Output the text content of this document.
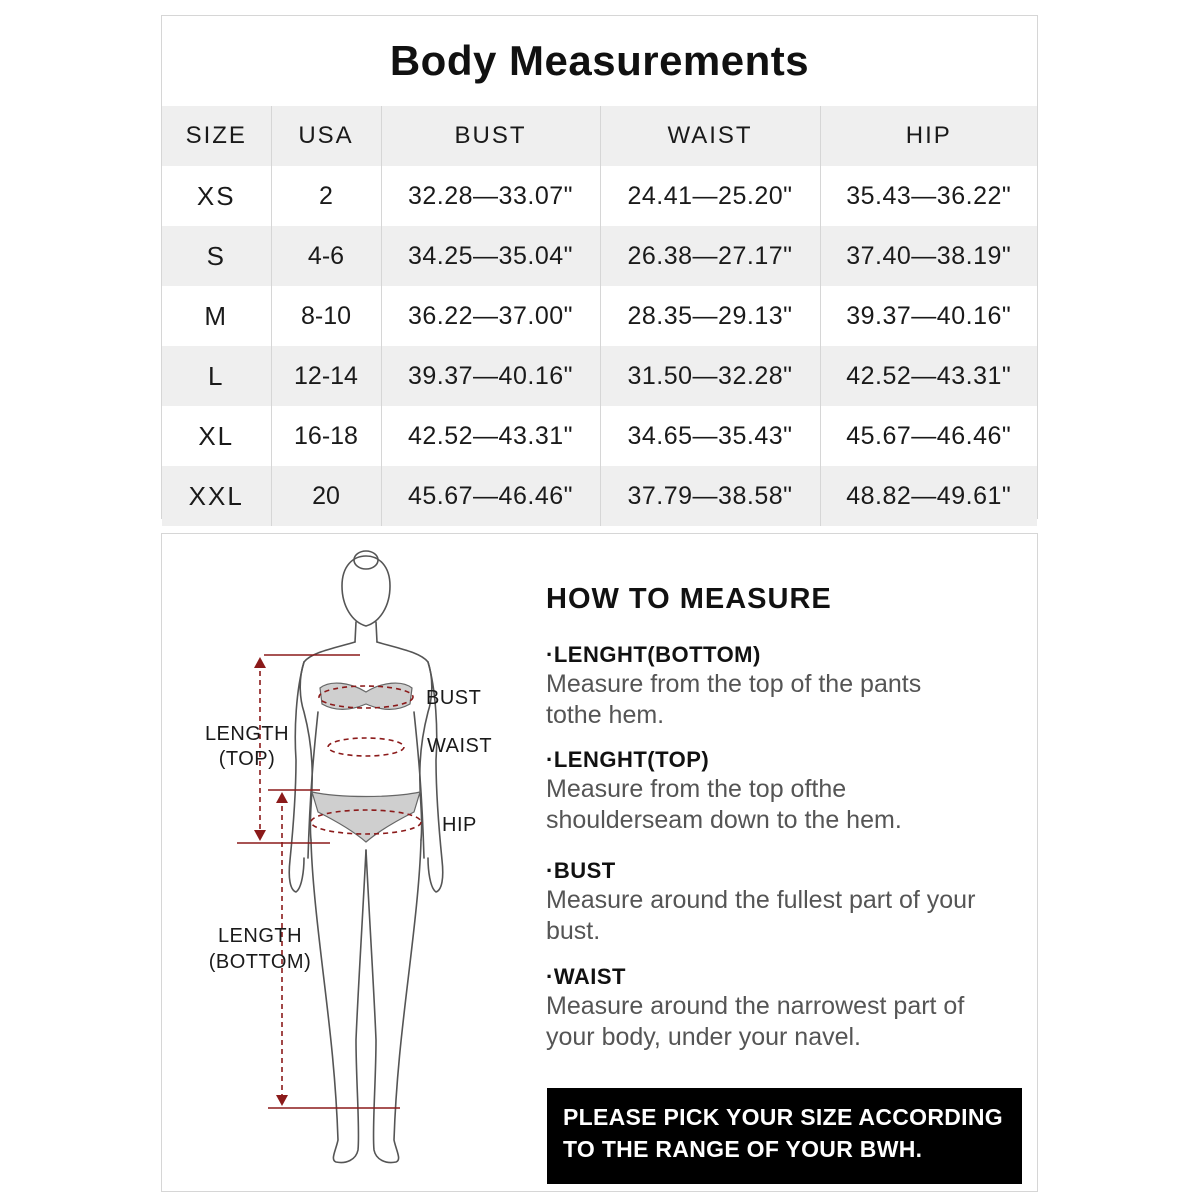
Body Measurements
SIZE	USA	BUST	WAIST	HIP
XS	2	32.28—33.07"	24.41—25.20"	35.43—36.22"
S	4-6	34.25—35.04"	26.38—27.17"	37.40—38.19"
M	8-10	36.22—37.00"	28.35—29.13"	39.37—40.16"
L	12-14	39.37—40.16"	31.50—32.28"	42.52—43.31"
XL	16-18	42.52—43.31"	34.65—35.43"	45.67—46.46"
XXL	20	45.67—46.46"	37.79—38.58"	48.82—49.61"
BUST
WAIST
HIP
LENGTH
(TOP)
LENGTH
(BOTTOM)
HOW TO MEASURE
·LENGHT(BOTTOM)
Measure from the top of the pants
tothe hem.
·LENGHT(TOP)
Measure from the top ofthe
shoulderseam down to the hem.
·BUST
Measure around the fullest part of your
bust.
·WAIST
Measure around the narrowest part of
your body, under your navel.
PLEASE PICK YOUR SIZE ACCORDING
TO THE RANGE OF YOUR BWH.
